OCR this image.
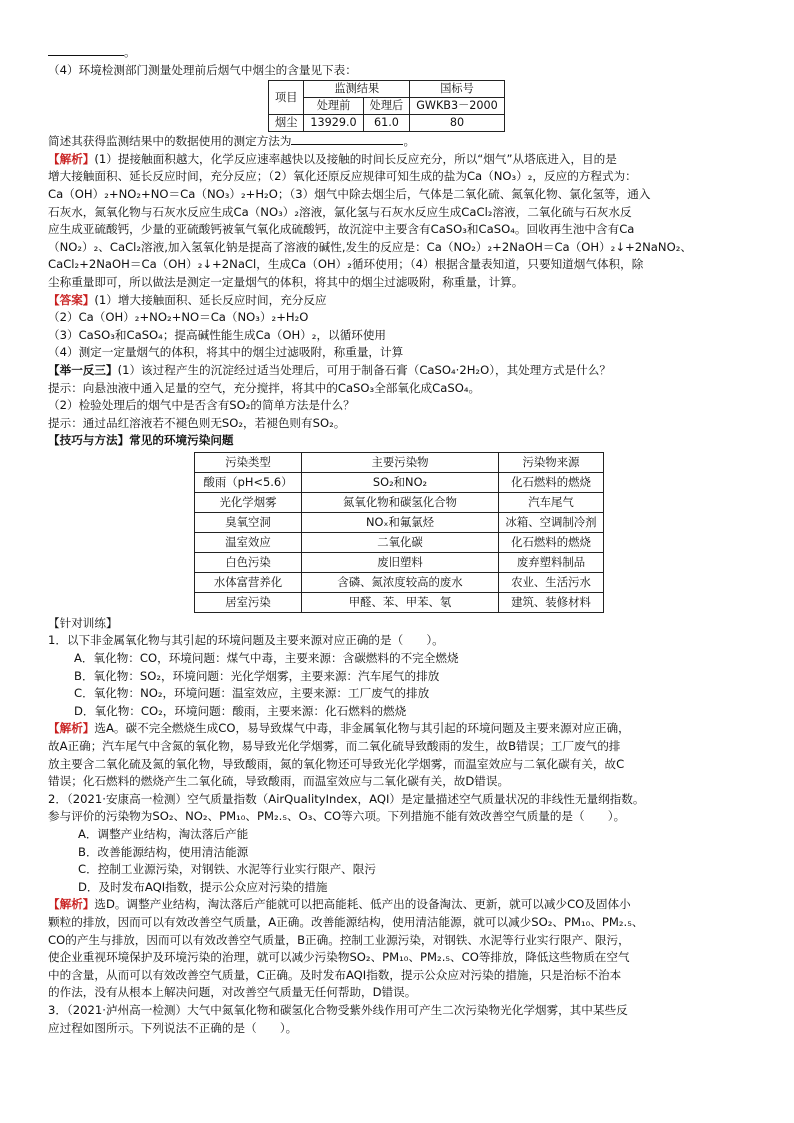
。
（4）环境检测部门测量处理前后烟气中烟尘的含量见下表：
项目	监测结果		国标号
	处理前	处理后	GWKB3－2000
烟尘	13929.0	61.0	80
简述其获得监测结果中的数据使用的测定方法为	。
【解析】(1）提接触面积越大，化学反应速率越快以及接触的时间长反应充分，所以“烟气”从塔底进入，目的是
增大接触面积、延长反应时间，充分反应；（2）氧化还原反应规律可知生成的盐为Ca（NO₃）₂，反应的方程式为：
Ca（OH）₂+NO₂+NO＝Ca（NO₃）₂+H₂O；（3）烟气中除去烟尘后，气体是二氧化硫、氮氧化物、氯化氢等，通入
石灰水，氮氧化物与石灰水反应生成Ca（NO₃）₂溶液，氯化氢与石灰水反应生成CaCl₂溶液，二氧化硫与石灰水反
应生成亚硫酸钙，少量的亚硫酸钙被氧气氧化成硫酸钙，故沉淀中主要含有CaSO₃和CaSO₄。回收再生池中含有Ca
（NO₂）₂、CaCl₂溶液,加入氢氧化钠是提高了溶液的碱性,发生的反应是：Ca（NO₂）₂+2NaOH＝Ca（OH）₂↓+2NaNO₂、
CaCl₂+2NaOH＝Ca（OH）₂↓+2NaCl，生成Ca（OH）₂循环使用；（4）根据含量表知道，只要知道烟气体积，除
尘称重量即可，所以做法是测定一定量烟气的体积，将其中的烟尘过滤吸附，称重量，计算。
【答案】(1）增大接触面积、延长反应时间，充分反应
（2）Ca（OH）₂+NO₂+NO＝Ca（NO₃）₂+H₂O
（3）CaSO₃和CaSO₄；提高碱性能生成Ca（OH）₂，以循环使用
（4）测定一定量烟气的体积，将其中的烟尘过滤吸附，称重量，计算
【举一反三】(1）该过程产生的沉淀经过适当处理后，可用于制备石膏（CaSO₄·2H₂O），其处理方式是什么？
提示：向悬浊液中通入足量的空气，充分搅拌，将其中的CaSO₃全部氧化成CaSO₄。
（2）检验处理后的烟气中是否含有SO₂的简单方法是什么？
提示：通过品红溶液若不褪色则无SO₂，若褪色则有SO₂。
【技巧与方法】常见的环境污染问题
污染类型	主要污染物	污染物来源
酸雨（pH<5.6）	SO₂和NO₂	化石燃料的燃烧
光化学烟雾	氮氧化物和碳氢化合物	汽车尾气
臭氧空洞	NOₓ和氟氯烃	冰箱、空调制冷剂
温室效应	二氧化碳	化石燃料的燃烧
白色污染	废旧塑料	废弃塑料制品
水体富营养化	含磷、氮浓度较高的废水	农业、生活污水
居室污染	甲醛、苯、甲苯、氡	建筑、装修材料
【针对训练】
1．以下非金属氧化物与其引起的环境问题及主要来源对应正确的是（　　）。
A．氧化物：CO，环境问题：煤气中毒，主要来源：含碳燃料的不完全燃烧
B．氧化物：SO₂，环境问题：光化学烟雾，主要来源：汽车尾气的排放
C．氧化物：NO₂，环境问题：温室效应，主要来源：工厂废气的排放
D．氧化物：CO₂，环境问题：酸雨，主要来源：化石燃料的燃烧
【解析】选A。碳不完全燃烧生成CO，易导致煤气中毒，非金属氧化物与其引起的环境问题及主要来源对应正确，
故A正确；汽车尾气中含氮的氧化物，易导致光化学烟雾，而二氧化硫导致酸雨的发生，故B错误；工厂废气的排
放主要含二氧化硫及氮的氧化物，导致酸雨，氮的氧化物还可导致光化学烟雾，而温室效应与二氧化碳有关，故C
错误；化石燃料的燃烧产生二氧化硫，导致酸雨，而温室效应与二氧化碳有关，故D错误。
2．（2021·安康高一检测）空气质量指数（AirQualityIndex，AQI）是定量描述空气质量状况的非线性无量纲指数。
参与评价的污染物为SO₂、NO₂、PM₁₀、PM₂.₅、O₃、CO等六项。下列措施不能有效改善空气质量的是（　　）。
A．调整产业结构，淘汰落后产能
B．改善能源结构，使用清洁能源
C．控制工业源污染，对钢铁、水泥等行业实行限产、限污
D．及时发布AQI指数，提示公众应对污染的措施
【解析】选D。调整产业结构，淘汰落后产能就可以把高能耗、低产出的设备淘汰、更新，就可以减少CO及固体小
颗粒的排放，因而可以有效改善空气质量，A正确。改善能源结构，使用清洁能源，就可以减少SO₂、PM₁₀、PM₂.₅、
CO的产生与排放，因而可以有效改善空气质量，B正确。控制工业源污染，对钢铁、水泥等行业实行限产、限污，
使企业重视环境保护及环境污染的治理，就可以减少污染物SO₂、PM₁₀、PM₂.₅、CO等排放，降低这些物质在空气
中的含量，从而可以有效改善空气质量，C正确。及时发布AQI指数，提示公众应对污染的措施，只是治标不治本
的作法，没有从根本上解决问题，对改善空气质量无任何帮助，D错误。
3．（2021·泸州高一检测）大气中氮氧化物和碳氢化合物受紫外线作用可产生二次污染物光化学烟雾，其中某些反
应过程如图所示。下列说法不正确的是（　　）。
